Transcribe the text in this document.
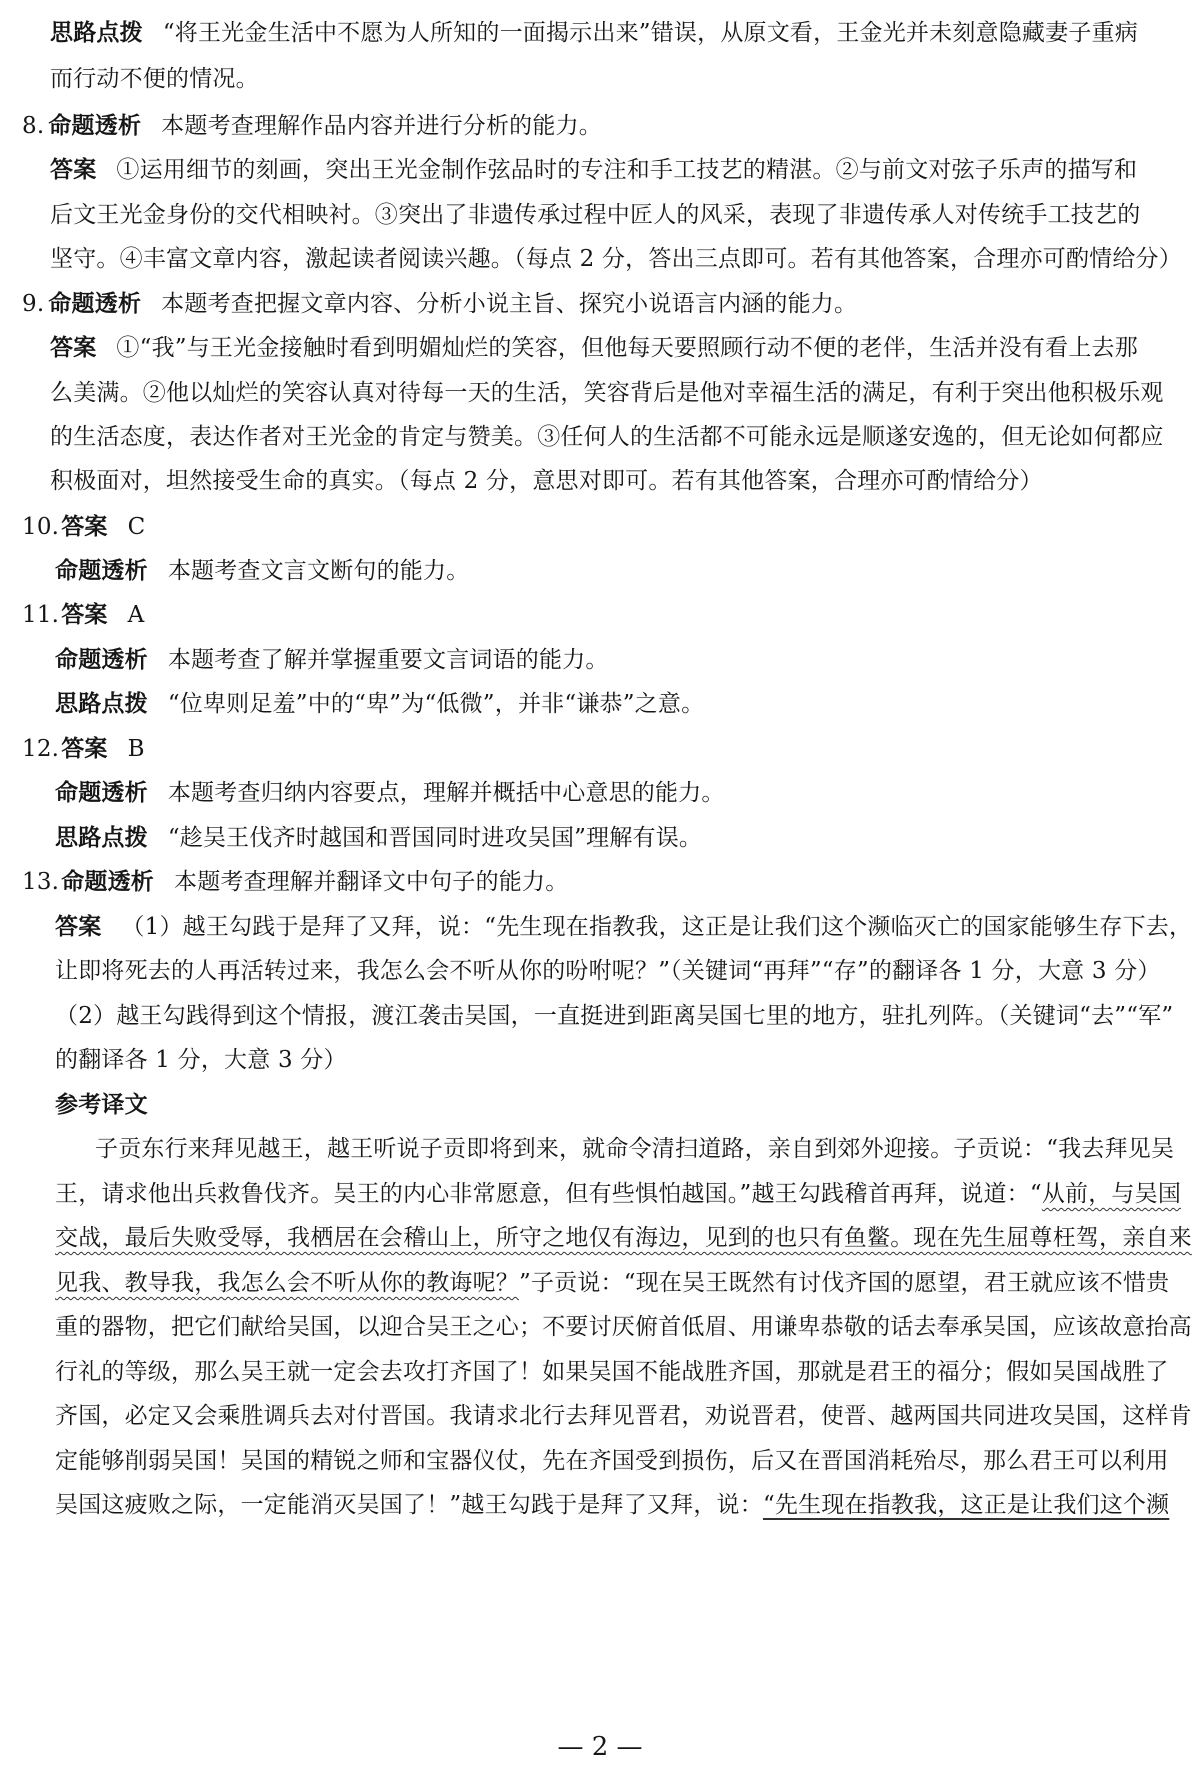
思路点拨 “将王光金生活中不愿为人所知的一面揭示出来”错误，从原文看，王金光并未刻意隐藏妻子重病
而行动不便的情况。
8. 命题透析 本题考查理解作品内容并进行分析的能力。
答案 ①运用细节的刻画，突出王光金制作弦品时的专注和手工技艺的精湛。②与前文对弦子乐声的描写和
后文王光金身份的交代相映衬。③突出了非遗传承过程中匠人的风采，表现了非遗传承人对传统手工技艺的
坚守。④丰富文章内容，激起读者阅读兴趣。（每点 2 分，答出三点即可。若有其他答案，合理亦可酌情给分）
9. 命题透析 本题考查把握文章内容、分析小说主旨、探究小说语言内涵的能力。
答案 ①“我”与王光金接触时看到明媚灿烂的笑容，但他每天要照顾行动不便的老伴，生活并没有看上去那
么美满。②他以灿烂的笑容认真对待每一天的生活，笑容背后是他对幸福生活的满足，有利于突出他积极乐观
的生活态度，表达作者对王光金的肯定与赞美。③任何人的生活都不可能永远是顺遂安逸的，但无论如何都应
积极面对，坦然接受生命的真实。（每点 2 分，意思对即可。若有其他答案，合理亦可酌情给分）
10.答案 C
命题透析 本题考查文言文断句的能力。
11.答案 A
命题透析 本题考查了解并掌握重要文言词语的能力。
思路点拨 “位卑则足羞”中的“卑”为“低微”，并非“谦恭”之意。
12.答案 B
命题透析 本题考查归纳内容要点，理解并概括中心意思的能力。
思路点拨 “趁吴王伐齐时越国和晋国同时进攻吴国”理解有误。
13.命题透析 本题考查理解并翻译文中句子的能力。
答案 （1）越王勾践于是拜了又拜，说：“先生现在指教我，这正是让我们这个濒临灭亡的国家能够生存下去，
让即将死去的人再活转过来，我怎么会不听从你的吩咐呢？”（关键词“再拜”“存”的翻译各 1 分，大意 3 分）
（2）越王勾践得到这个情报，渡江袭击吴国，一直挺进到距离吴国七里的地方，驻扎列阵。（关键词“去”“军”
的翻译各 1 分，大意 3 分）
参考译文
子贡东行来拜见越王，越王听说子贡即将到来，就命令清扫道路，亲自到郊外迎接。子贡说：“我去拜见吴
王，请求他出兵救鲁伐齐。吴王的内心非常愿意，但有些惧怕越国。”越王勾践稽首再拜，说道：“从前，与吴国
交战，最后失败受辱，我栖居在会稽山上，所守之地仅有海边，见到的也只有鱼鳖。现在先生屈尊枉驾，亲自来
见我、教导我，我怎么会不听从你的教诲呢？”子贡说：“现在吴王既然有讨伐齐国的愿望，君王就应该不惜贵
重的器物，把它们献给吴国，以迎合吴王之心；不要讨厌俯首低眉、用谦卑恭敬的话去奉承吴国，应该故意抬高
行礼的等级，那么吴王就一定会去攻打齐国了！如果吴国不能战胜齐国，那就是君王的福分；假如吴国战胜了
齐国，必定又会乘胜调兵去对付晋国。我请求北行去拜见晋君，劝说晋君，使晋、越两国共同进攻吴国，这样肯
定能够削弱吴国！吴国的精锐之师和宝器仪仗，先在齐国受到损伤，后又在晋国消耗殆尽，那么君王可以利用
吴国这疲败之际，一定能消灭吴国了！”越王勾践于是拜了又拜，说：“先生现在指教我，这正是让我们这个濒
— 2 —
